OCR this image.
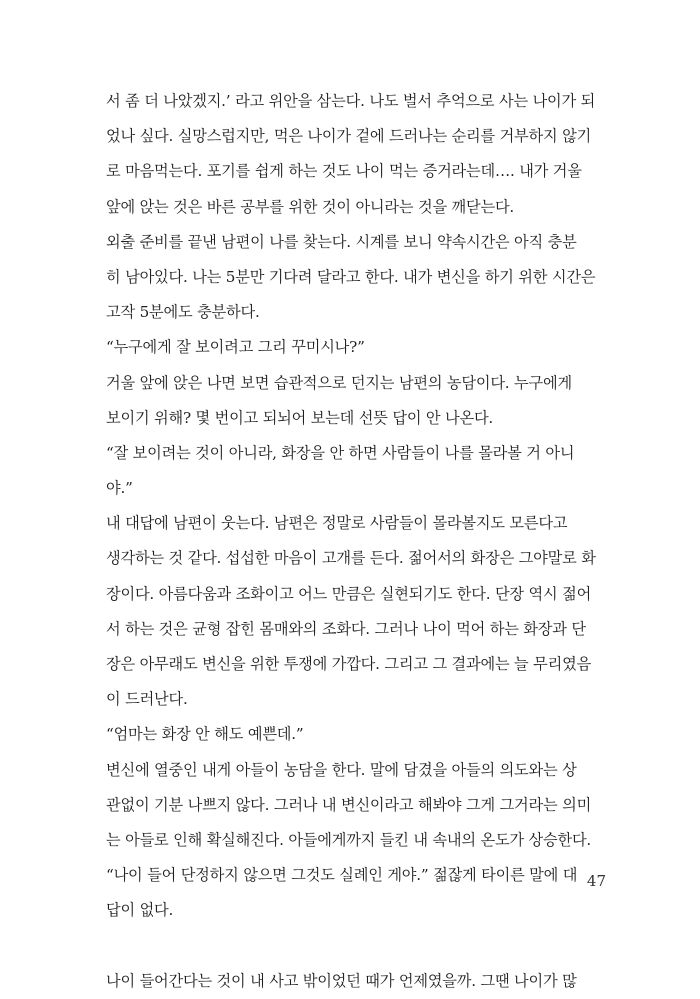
서 좀 더 나았겠지.’ 라고 위안을 삼는다. 나도 벌서 추억으로 사는 나이가 되
었나 싶다. 실망스럽지만, 먹은 나이가 겉에 드러나는 순리를 거부하지 않기
로 마음먹는다. 포기를 쉽게 하는 것도 나이 먹는 증거라는데…. 내가 거울
앞에 앉는 것은 바른 공부를 위한 것이 아니라는 것을 깨닫는다.
외출 준비를 끝낸 남편이 나를 찾는다. 시계를 보니 약속시간은 아직 충분
히 남아있다. 나는 5분만 기다려 달라고 한다. 내가 변신을 하기 위한 시간은
고작 5분에도 충분하다.
“누구에게 잘 보이려고 그리 꾸미시나?”
거울 앞에 앉은 나면 보면 습관적으로 던지는 남편의 농담이다. 누구에게
보이기 위해? 몇 번이고 되뇌어 보는데 선뜻 답이 안 나온다.
“잘 보이려는 것이 아니라, 화장을 안 하면 사람들이 나를 몰라볼 거 아니
야.”
내 대답에 남편이 웃는다. 남편은 정말로 사람들이 몰라볼지도 모른다고
생각하는 것 같다. 섭섭한 마음이 고개를 든다. 젊어서의 화장은 그야말로 화
장이다. 아름다움과 조화이고 어느 만큼은 실현되기도 한다. 단장 역시 젊어
서 하는 것은 균형 잡힌 몸매와의 조화다. 그러나 나이 먹어 하는 화장과 단
장은 아무래도 변신을 위한 투쟁에 가깝다. 그리고 그 결과에는 늘 무리였음
이 드러난다.
“엄마는 화장 안 해도 예쁜데.”
변신에 열중인 내게 아들이 농담을 한다. 말에 담겼을 아들의 의도와는 상
관없이 기분 나쁘지 않다. 그러나 내 변신이라고 해봐야 그게 그거라는 의미
는 아들로 인해 확실해진다. 아들에게까지 들킨 내 속내의 온도가 상승한다.
“나이 들어 단정하지 않으면 그것도 실례인 게야.” 젊잖게 타이른 말에 대
답이 없다.
나이 들어간다는 것이 내 사고 밖이었던 때가 언제였을까. 그땐 나이가 많
47
